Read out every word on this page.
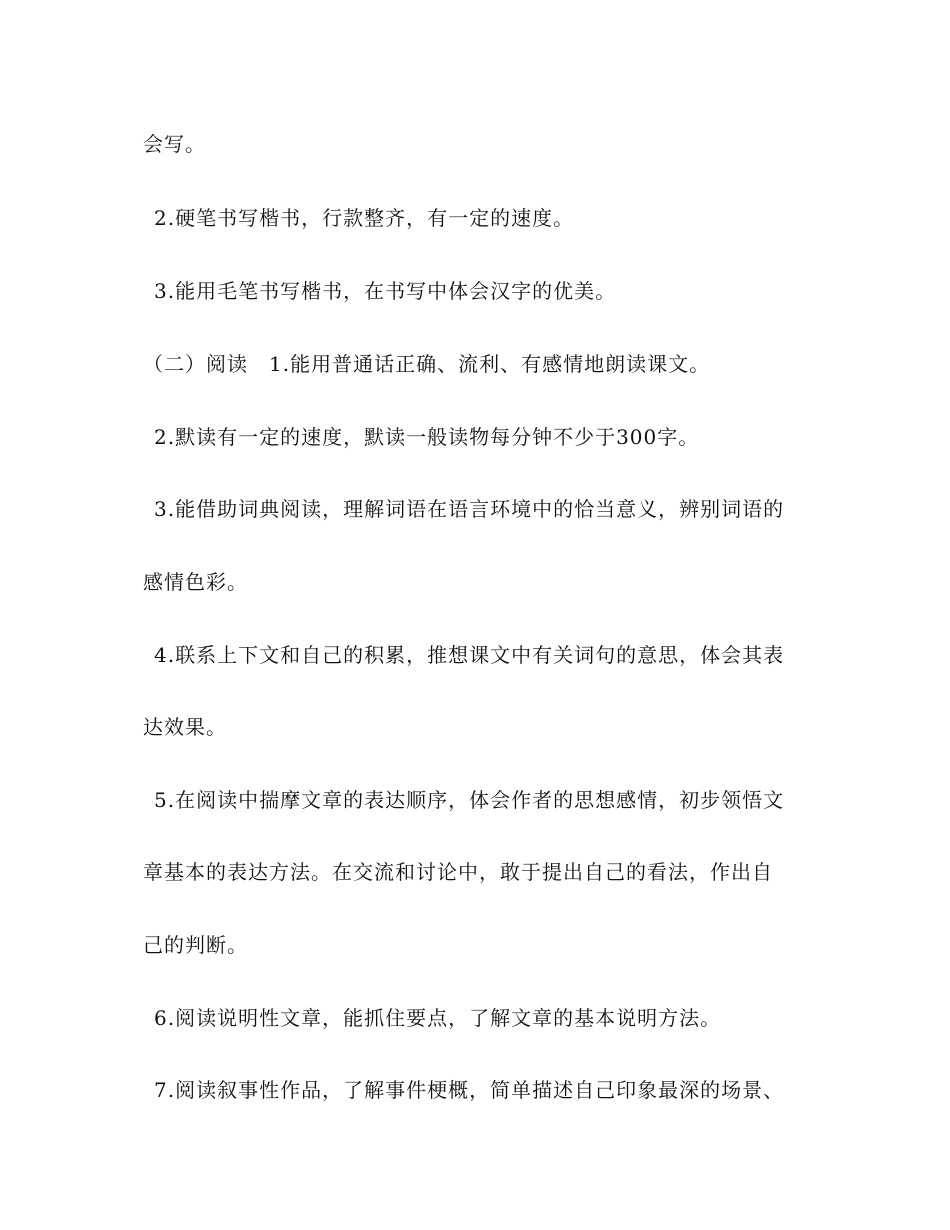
会写。
2.硬笔书写楷书，行款整齐，有一定的速度。
3.能用毛笔书写楷书，在书写中体会汉字的优美。
（二）阅读　1.能用普通话正确、流利、有感情地朗读课文。
2.默读有一定的速度，默读一般读物每分钟不少于300字。
3.能借助词典阅读，理解词语在语言环境中的恰当意义，辨别词语的
感情色彩。
4.联系上下文和自己的积累，推想课文中有关词句的意思，体会其表
达效果。
5.在阅读中揣摩文章的表达顺序，体会作者的思想感情，初步领悟文
章基本的表达方法。在交流和讨论中，敢于提出自己的看法，作出自
己的判断。
6.阅读说明性文章，能抓住要点，了解文章的基本说明方法。
7.阅读叙事性作品，了解事件梗概，简单描述自己印象最深的场景、
